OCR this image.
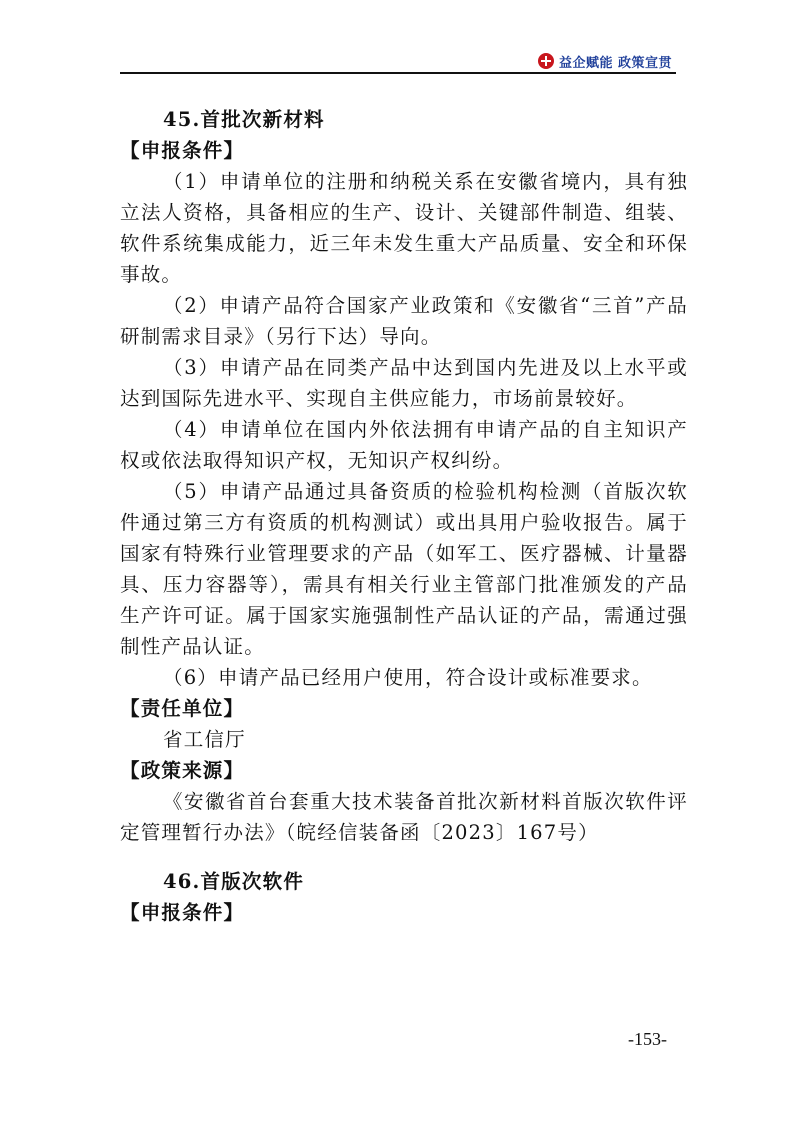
益企赋能 政策宣贯

45.首批次新材料

【申报条件】

（1）申请单位的注册和纳税关系在安徽省境内，具有独立法人资格，具备相应的生产、设计、关键部件制造、组装、软件系统集成能力，近三年未发生重大产品质量、安全和环保事故。

（2）申请产品符合国家产业政策和《安徽省“三首”产品研制需求目录》（另行下达）导向。

（3）申请产品在同类产品中达到国内先进及以上水平或达到国际先进水平、实现自主供应能力，市场前景较好。

（4）申请单位在国内外依法拥有申请产品的自主知识产权或依法取得知识产权，无知识产权纠纷。

（5）申请产品通过具备资质的检验机构检测（首版次软件通过第三方有资质的机构测试）或出具用户验收报告。属于国家有特殊行业管理要求的产品（如军工、医疗器械、计量器具、压力容器等），需具有相关行业主管部门批准颁发的产品生产许可证。属于国家实施强制性产品认证的产品，需通过强制性产品认证。

（6）申请产品已经用户使用，符合设计或标准要求。

【责任单位】

省工信厅

【政策来源】

《安徽省首台套重大技术装备首批次新材料首版次软件评定管理暂行办法》（皖经信装备函〔2023〕167号）

46.首版次软件

【申报条件】

-153-
